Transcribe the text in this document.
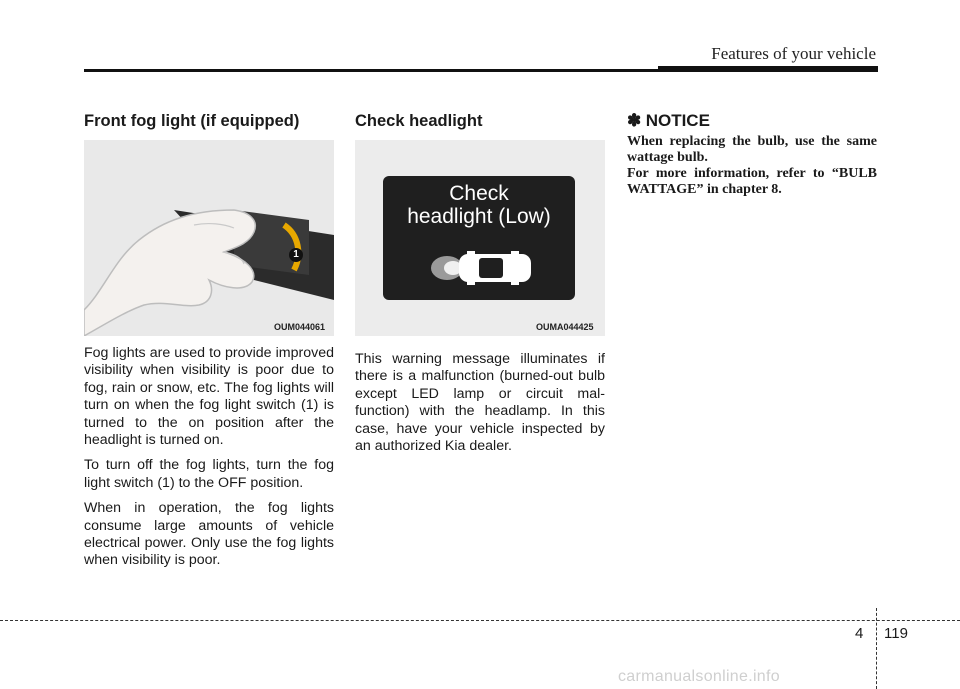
Features of your vehicle
Front fog light (if equipped)
1
OUM044061

Fog lights are used to provide improved visibility when visibility is poor due to fog, rain or snow, etc. The fog lights will turn on when the fog light switch (1) is turned to the on position after the headlight is turned on.

To turn off the fog lights, turn the fog light switch (1) to the OFF position.

When in operation, the fog lights consume large amounts of vehicle electrical power. Only use the fog lights when visibility is poor.

Check headlight
Check
headlight (Low)
OUMA044425

This warning message illuminates if there is a malfunction (burned-out bulb except LED lamp or circuit mal-function) with the headlamp. In this case, have your vehicle inspected by an authorized Kia dealer.

✽ NOTICE

When replacing the bulb, use the same wattage bulb.

For more information, refer to “BULB WATTAGE” in chapter 8.

4 119
carmanualsonline.info
